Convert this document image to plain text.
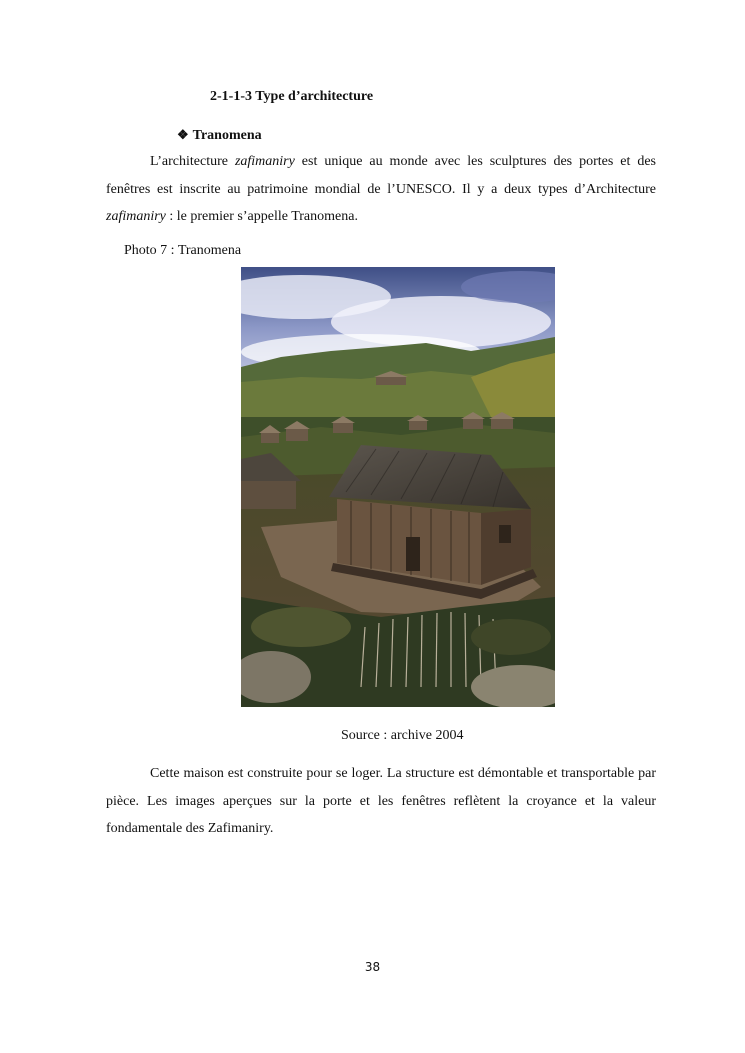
2-1-1-3 Type d’architecture
❖ Tranomena
L’architecture zafimaniry est unique au monde avec les sculptures des portes et des fenêtres est inscrite au patrimoine mondial de l’UNESCO. Il y a deux types d’Architecture zafimaniry : le premier s’appelle Tranomena.
Photo 7 : Tranomena
Source : archive 2004
Cette maison est construite pour se loger. La structure est démontable et transportable par pièce. Les images aperçues sur la porte et les fenêtres reflètent la croyance et la valeur fondamentale des Zafimaniry.
38
